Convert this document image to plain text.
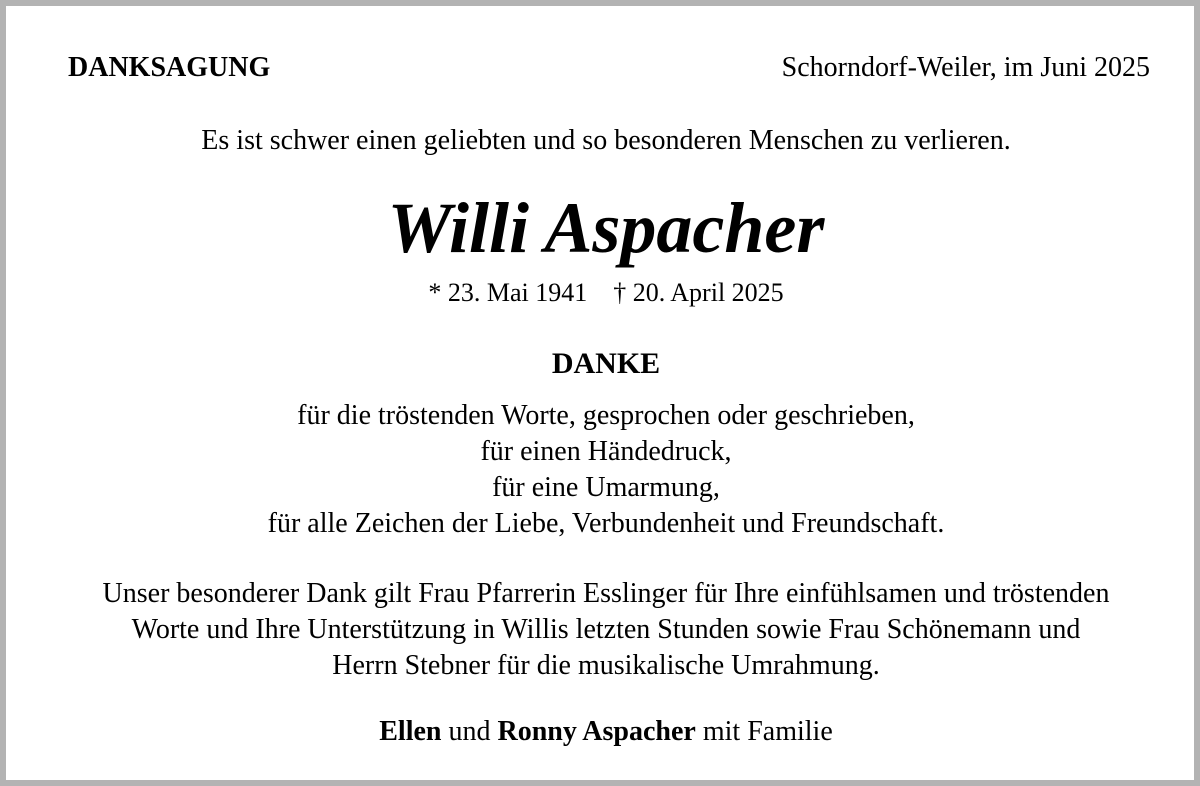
DANKSAGUNG	Schorndorf-Weiler, im Juni 2025
Es ist schwer einen geliebten und so besonderen Menschen zu verlieren.
Willi Aspacher
* 23. Mai 1941 † 20. April 2025
DANKE
für die tröstenden Worte, gesprochen oder geschrieben,
für einen Händedruck,
für eine Umarmung,
für alle Zeichen der Liebe, Verbundenheit und Freundschaft.
Unser besonderer Dank gilt Frau Pfarrerin Esslinger für Ihre einfühlsamen und tröstenden
Worte und Ihre Unterstützung in Willis letzten Stunden sowie Frau Schönemann und
Herrn Stebner für die musikalische Umrahmung.
Ellen und Ronny Aspacher mit Familie
